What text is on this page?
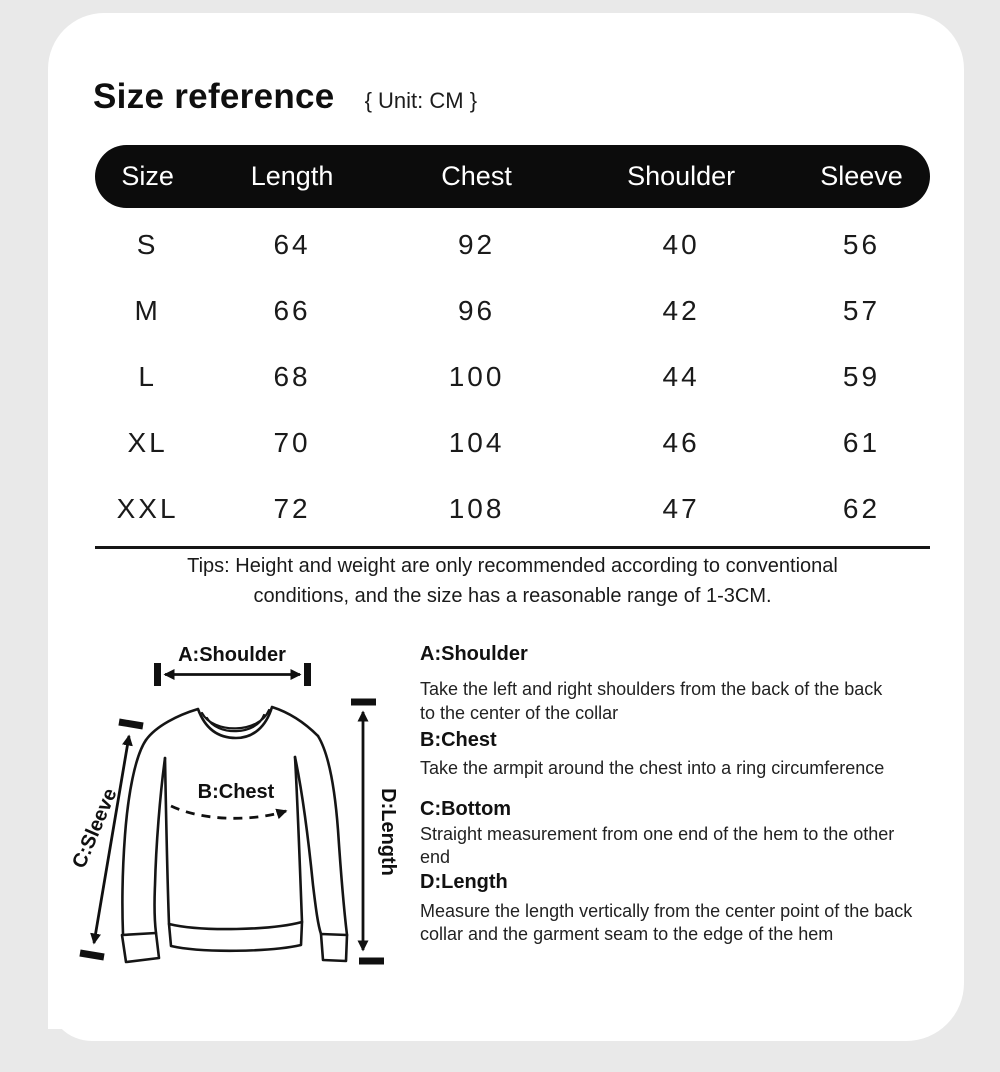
Size reference { Unit: CM }
Size	Length	Chest	Shoulder	Sleeve
S	64	92	40	56
M	66	96	42	57
L	68	100	44	59
XL	70	104	46	61
XXL	72	108	47	62
Tips: Height and weight are only recommended according to conventional
conditions, and the size has a reasonable range of 1-3CM.
A:Shoulder
B:Chest
C:Sleeve	D:Length
A:Shoulder
Take the left and right shoulders from the back of the back to the center of the collar
B:Chest
Take the armpit around the chest into a ring circumference
C:Bottom
Straight measurement from one end of the hem to the other end
D:Length
Measure the length vertically from the center point of the back collar and the garment seam to the edge of the hem
